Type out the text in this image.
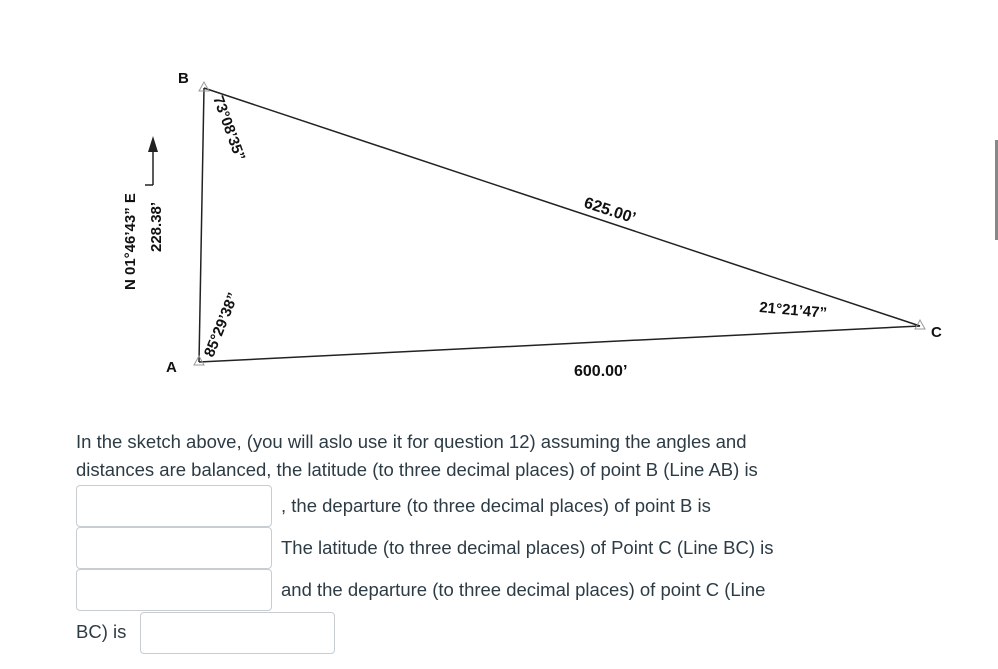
B
A
C
N 01°46’43” E 228.38’
73°08’35”
85°29’38”	21°21’47”
625.00’
600.00’
In the sketch above, (you will aslo use it for question 12) assuming the angles and distances are balanced, the latitude (to three decimal places) of point B (Line AB) is
, the departure (to three decimal places) of point B is
The latitude (to three decimal places) of Point C (Line BC) is
and the departure (to three decimal places) of point C (Line
BC) is
